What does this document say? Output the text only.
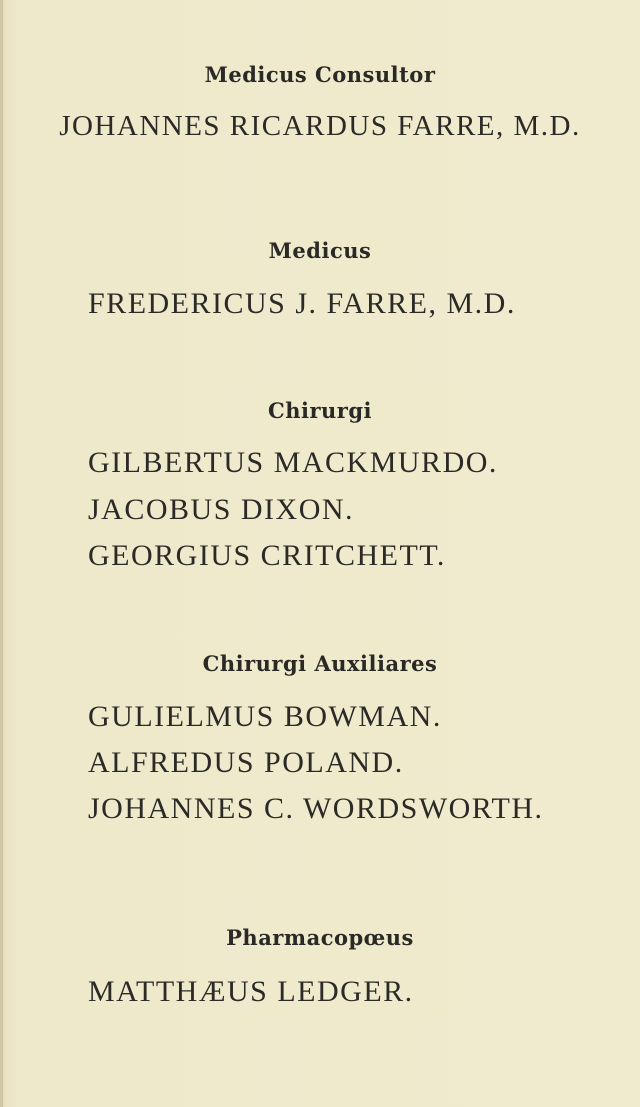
Medicus Consultor
JOHANNES RICARDUS FARRE, M.D.
Medicus
FREDERICUS J. FARRE, M.D.
Chirurgi
GILBERTUS MACKMURDO.
JACOBUS DIXON.
GEORGIUS CRITCHETT.
Chirurgi Auxiliares
GULIELMUS BOWMAN.
ALFREDUS POLAND.
JOHANNES C. WORDSWORTH.
Pharmacopœus
MATTHÆUS LEDGER.
